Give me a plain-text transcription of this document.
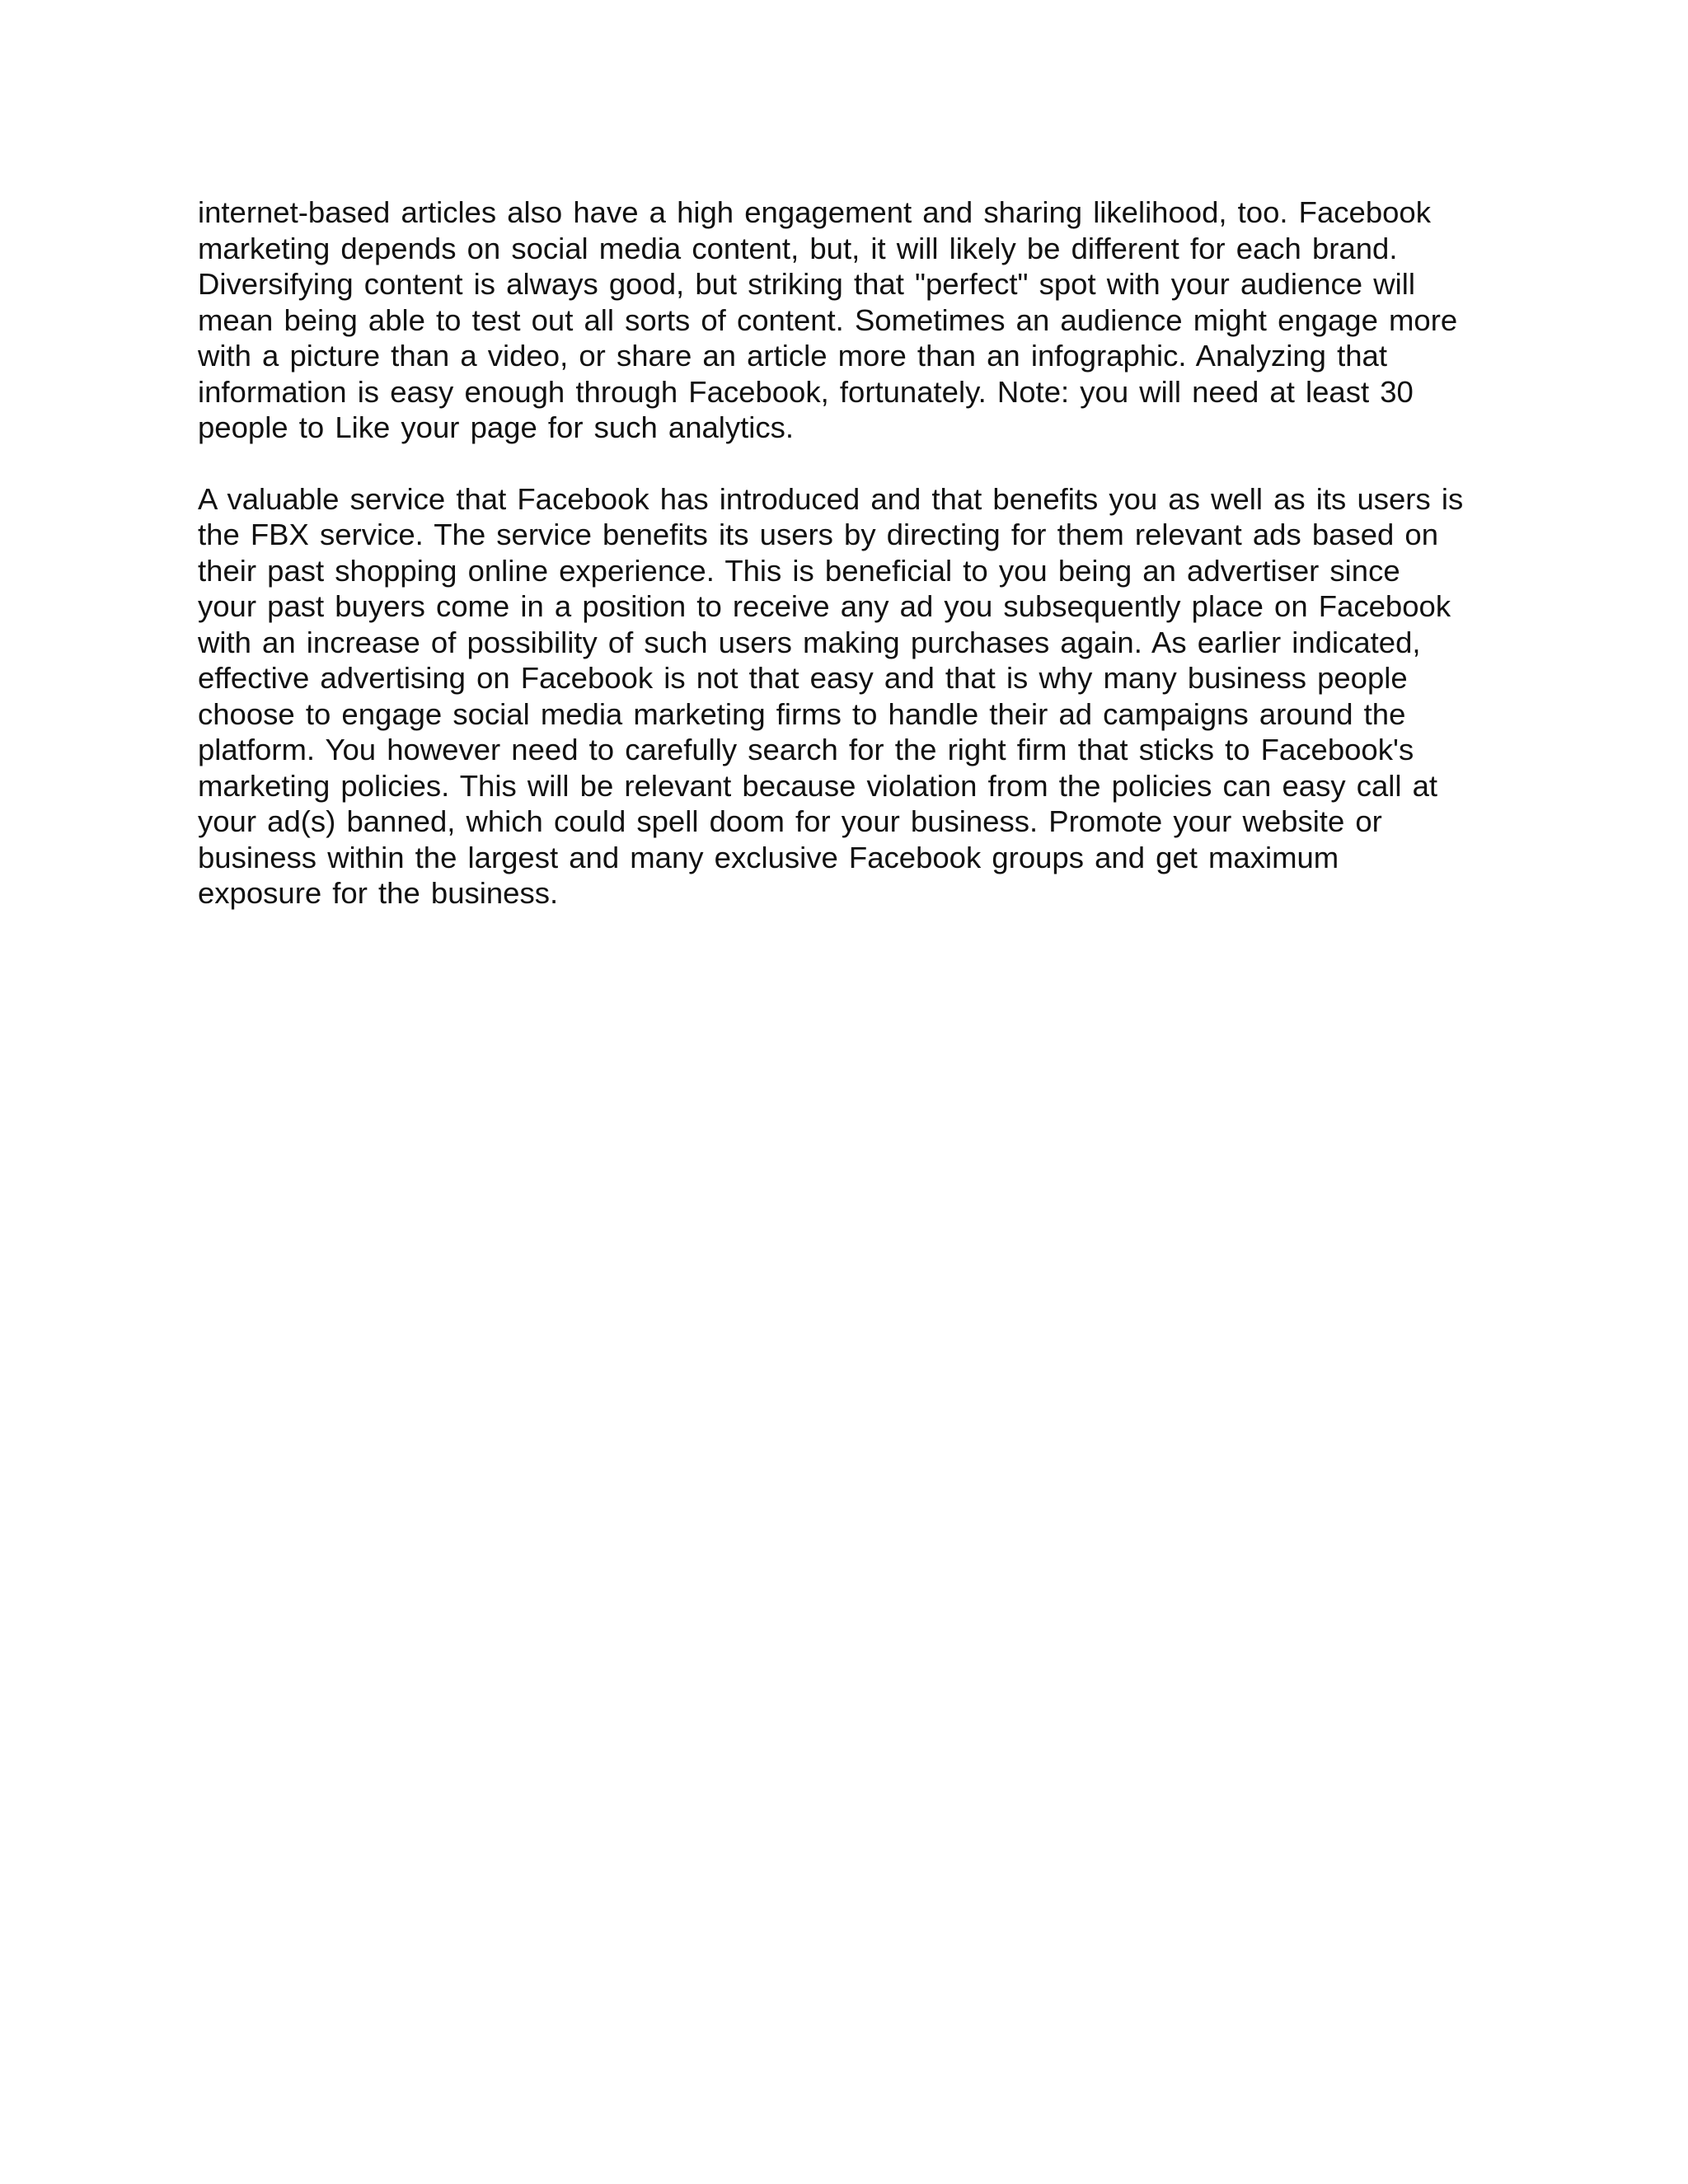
internet-based articles also have a high engagement and sharing likelihood, too. Facebook
marketing depends on social media content, but, it will likely be different for each brand.
Diversifying content is always good, but striking that "perfect" spot with your audience will
mean being able to test out all sorts of content. Sometimes an audience might engage more
with a picture than a video, or share an article more than an infographic. Analyzing that
information is easy enough through Facebook, fortunately. Note: you will need at least 30
people to Like your page for such analytics.

A valuable service that Facebook has introduced and that benefits you as well as its users is
the FBX service. The service benefits its users by directing for them relevant ads based on
their past shopping online experience. This is beneficial to you being an advertiser since
your past buyers come in a position to receive any ad you subsequently place on Facebook
with an increase of possibility of such users making purchases again. As earlier indicated,
effective advertising on Facebook is not that easy and that is why many business people
choose to engage social media marketing firms to handle their ad campaigns around the
platform. You however need to carefully search for the right firm that sticks to Facebook's
marketing policies. This will be relevant because violation from the policies can easy call at
your ad(s) banned, which could spell doom for your business. Promote your website or
business within the largest and many exclusive Facebook groups and get maximum
exposure for the business.
